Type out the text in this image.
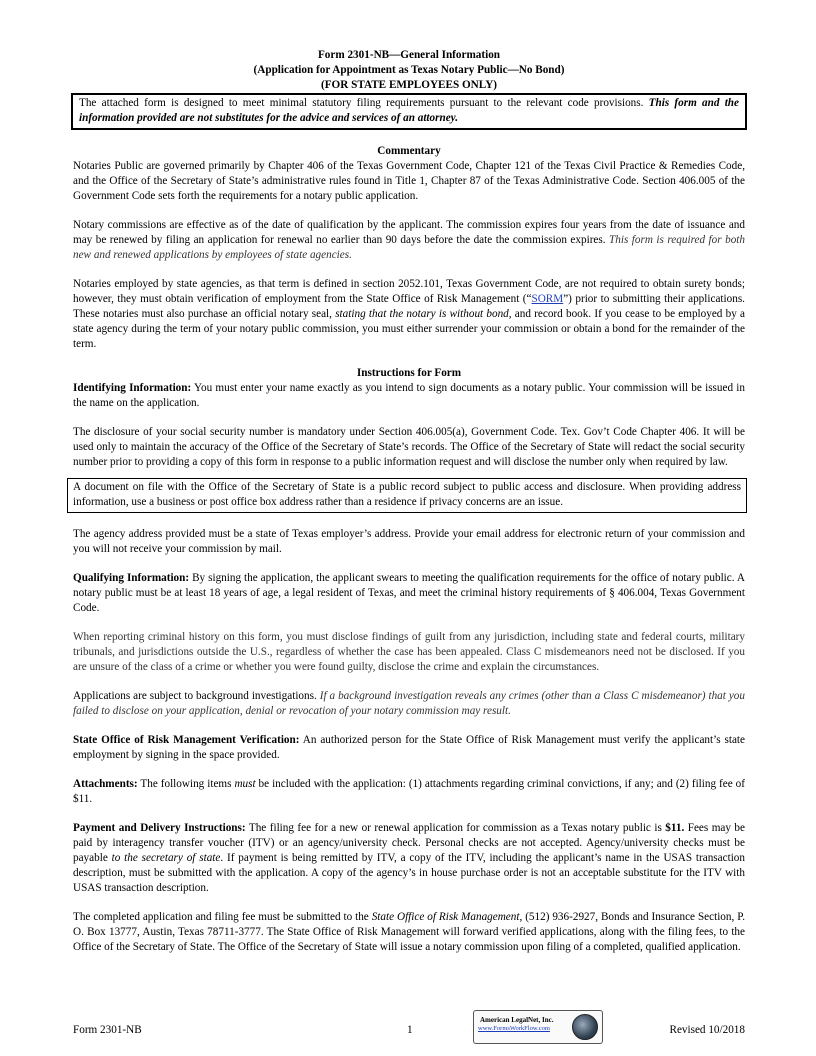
Form 2301-NB—General Information
(Application for Appointment as Texas Notary Public—No Bond)
(FOR STATE EMPLOYEES ONLY)
The attached form is designed to meet minimal statutory filing requirements pursuant to the relevant code provisions. This form and the information provided are not substitutes for the advice and services of an attorney.
Commentary

Notaries Public are governed primarily by Chapter 406 of the Texas Government Code, Chapter 121 of the Texas Civil Practice & Remedies Code, and the Office of the Secretary of State’s administrative rules found in Title 1, Chapter 87 of the Texas Administrative Code. Section 406.005 of the Government Code sets forth the requirements for a notary public application.

Notary commissions are effective as of the date of qualification by the applicant. The commission expires four years from the date of issuance and may be renewed by filing an application for renewal no earlier than 90 days before the date the commission expires. This form is required for both new and renewed applications by employees of state agencies.

Notaries employed by state agencies, as that term is defined in section 2052.101, Texas Government Code, are not required to obtain surety bonds; however, they must obtain verification of employment from the State Office of Risk Management (“SORM”) prior to submitting their applications. These notaries must also purchase an official notary seal, stating that the notary is without bond, and record book. If you cease to be employed by a state agency during the term of your notary public commission, you must either surrender your commission or obtain a bond for the remainder of the term.

Instructions for Form

Identifying Information: You must enter your name exactly as you intend to sign documents as a notary public. Your commission will be issued in the name on the application.

The disclosure of your social security number is mandatory under Section 406.005(a), Government Code. Tex. Gov’t Code Chapter 406. It will be used only to maintain the accuracy of the Office of the Secretary of State’s records. The Office of the Secretary of State will redact the social security number prior to providing a copy of this form in response to a public information request and will disclose the number only when required by law.

A document on file with the Office of the Secretary of State is a public record subject to public access and disclosure. When providing address information, use a business or post office box address rather than a residence if privacy concerns are an issue.

The agency address provided must be a state of Texas employer’s address. Provide your email address for electronic return of your commission and you will not receive your commission by mail.

Qualifying Information: By signing the application, the applicant swears to meeting the qualification requirements for the office of notary public. A notary public must be at least 18 years of age, a legal resident of Texas, and meet the criminal history requirements of § 406.004, Texas Government Code.

When reporting criminal history on this form, you must disclose findings of guilt from any jurisdiction, including state and federal courts, military tribunals, and jurisdictions outside the U.S., regardless of whether the case has been appealed. Class C misdemeanors need not be disclosed. If you are unsure of the class of a crime or whether you were found guilty, disclose the crime and explain the circumstances.

Applications are subject to background investigations. If a background investigation reveals any crimes (other than a Class C misdemeanor) that you failed to disclose on your application, denial or revocation of your notary commission may result.

State Office of Risk Management Verification: An authorized person for the State Office of Risk Management must verify the applicant’s state employment by signing in the space provided.

Attachments: The following items must be included with the application: (1) attachments regarding criminal convictions, if any; and (2) filing fee of $11.

Payment and Delivery Instructions: The filing fee for a new or renewal application for commission as a Texas notary public is $11. Fees may be paid by interagency transfer voucher (ITV) or an agency/university check. Personal checks are not accepted. Agency/university checks must be payable to the secretary of state. If payment is being remitted by ITV, a copy of the ITV, including the applicant’s name in the USAS transaction description, must be submitted with the application. A copy of the agency’s in house purchase order is not an acceptable substitute for the ITV with USAS transaction description.

The completed application and filing fee must be submitted to the State Office of Risk Management, (512) 936-2927, Bonds and Insurance Section, P. O. Box 13777, Austin, Texas 78711-3777. The State Office of Risk Management will forward verified applications, along with the filing fees, to the Office of the Secretary of State. The Office of the Secretary of State will issue a notary commission upon filing of a completed, qualified application.

Form 2301-NB	1
American LegalNet, Inc.
www.FormsWorkFlow.com	Revised 10/2018
